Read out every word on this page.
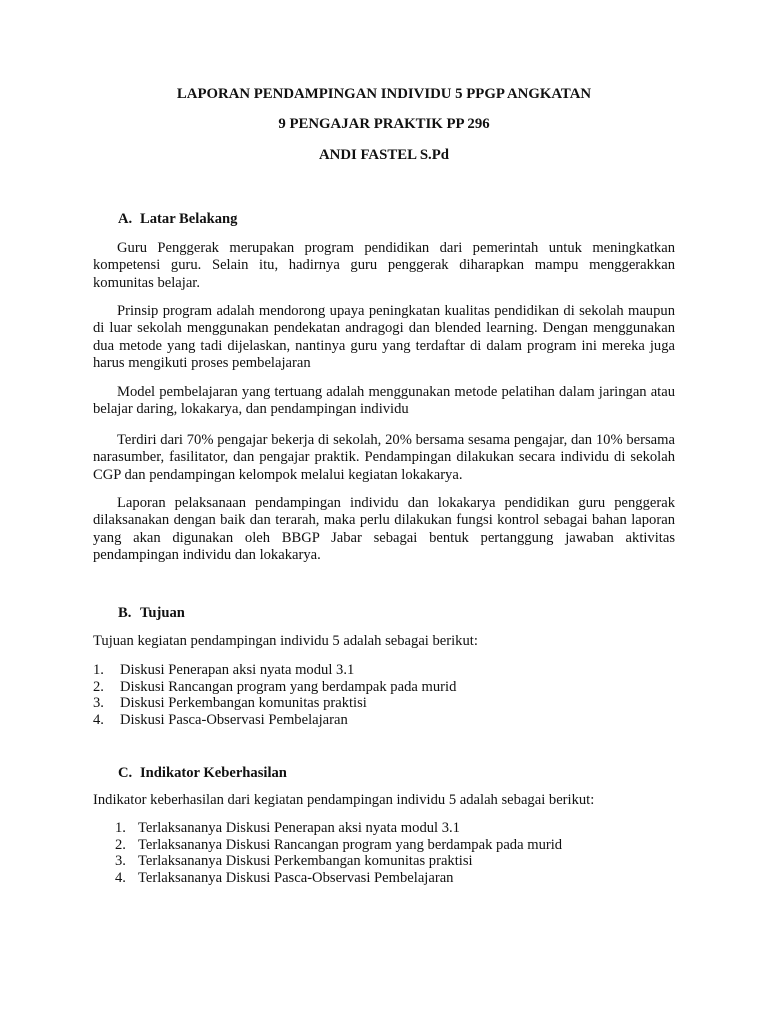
LAPORAN PENDAMPINGAN INDIVIDU 5 PPGP ANGKATAN

9 PENGAJAR PRAKTIK PP 296

ANDI FASTEL S.Pd

A. Latar Belakang

Guru Penggerak merupakan program pendidikan dari pemerintah untuk meningkatkan kompetensi guru. Selain itu, hadirnya guru penggerak diharapkan mampu menggerakkan komunitas belajar.

Prinsip program adalah mendorong upaya peningkatan kualitas pendidikan di sekolah maupun di luar sekolah menggunakan pendekatan andragogi dan blended learning. Dengan menggunakan dua metode yang tadi dijelaskan, nantinya guru yang terdaftar di dalam program ini mereka juga harus mengikuti proses pembelajaran

Model pembelajaran yang tertuang adalah menggunakan metode pelatihan dalam jaringan atau belajar daring, lokakarya, dan pendampingan individu

Terdiri dari 70% pengajar bekerja di sekolah, 20% bersama sesama pengajar, dan 10% bersama narasumber, fasilitator, dan pengajar praktik. Pendampingan dilakukan secara individu di sekolah CGP dan pendampingan kelompok melalui kegiatan lokakarya.

Laporan pelaksanaan pendampingan individu dan lokakarya pendidikan guru penggerak dilaksanakan dengan baik dan terarah, maka perlu dilakukan fungsi kontrol sebagai bahan laporan yang akan digunakan oleh BBGP Jabar sebagai bentuk pertanggung jawaban aktivitas pendampingan individu dan lokakarya.

B. Tujuan

Tujuan kegiatan pendampingan individu 5 adalah sebagai berikut:

1.	Diskusi Penerapan aksi nyata modul 3.1
2.	Diskusi Rancangan program yang berdampak pada murid
3.	Diskusi Perkembangan komunitas praktisi
4.	Diskusi Pasca-Observasi Pembelajaran

C. Indikator Keberhasilan

Indikator keberhasilan dari kegiatan pendampingan individu 5 adalah sebagai berikut:

1. Terlaksananya Diskusi Penerapan aksi nyata modul 3.1
2. Terlaksananya Diskusi Rancangan program yang berdampak pada murid
3. Terlaksananya Diskusi Perkembangan komunitas praktisi
4. Terlaksananya Diskusi Pasca-Observasi Pembelajaran
